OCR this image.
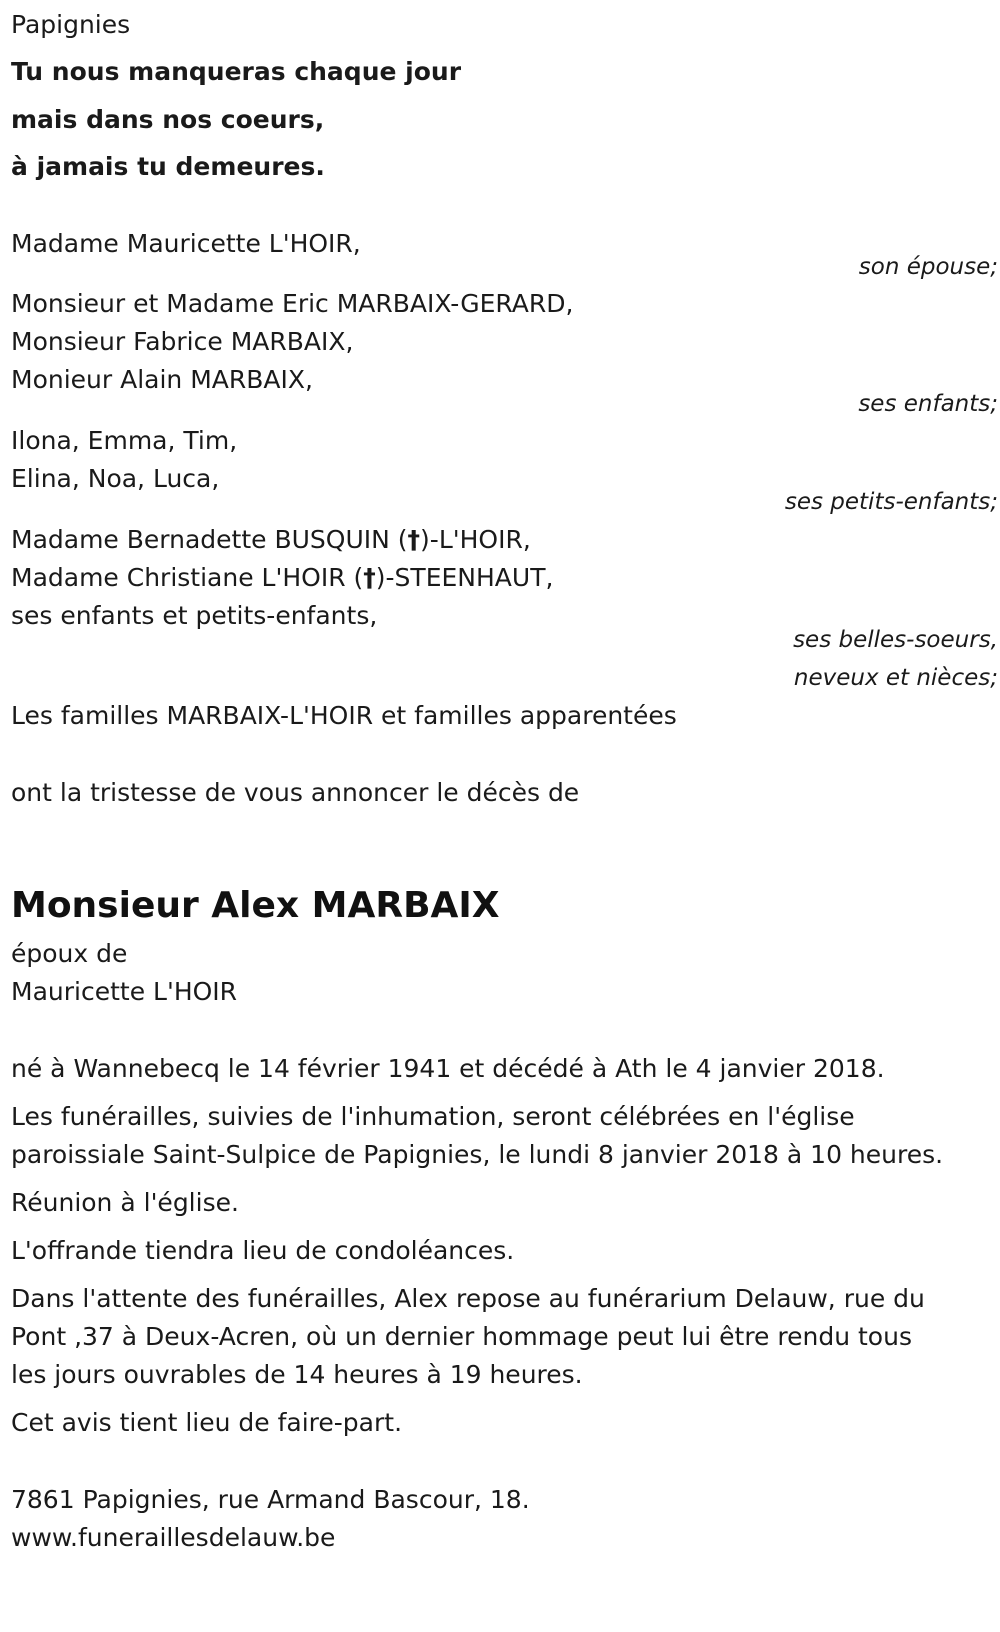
Papignies
Tu nous manqueras chaque jour
mais dans nos coeurs,
à jamais tu demeures.
Madame Mauricette L'HOIR,
son épouse;
Monsieur et Madame Eric MARBAIX-GERARD,
Monsieur Fabrice MARBAIX,
Monieur Alain MARBAIX,
ses enfants;
Ilona, Emma, Tim,
Elina, Noa, Luca,
ses petits-enfants;
Madame Bernadette BUSQUIN (†)-L'HOIR,
Madame Christiane L'HOIR (†)-STEENHAUT,
ses enfants et petits-enfants,
ses belles-soeurs,
neveux et nièces;
Les familles MARBAIX-L'HOIR et familles apparentées
ont la tristesse de vous annoncer le décès de
Monsieur Alex MARBAIX
époux de
Mauricette L'HOIR
né à Wannebecq le 14 février 1941 et décédé à Ath le 4 janvier 2018.
Les funérailles, suivies de l'inhumation, seront célébrées en l'église
paroissiale Saint-Sulpice de Papignies, le lundi 8 janvier 2018 à 10 heures.
Réunion à l'église.
L'offrande tiendra lieu de condoléances.
Dans l'attente des funérailles, Alex repose au funérarium Delauw, rue du
Pont ,37 à Deux-Acren, où un dernier hommage peut lui être rendu tous
les jours ouvrables de 14 heures à 19 heures.
Cet avis tient lieu de faire-part.
7861 Papignies, rue Armand Bascour, 18.
www.funeraillesdelauw.be
